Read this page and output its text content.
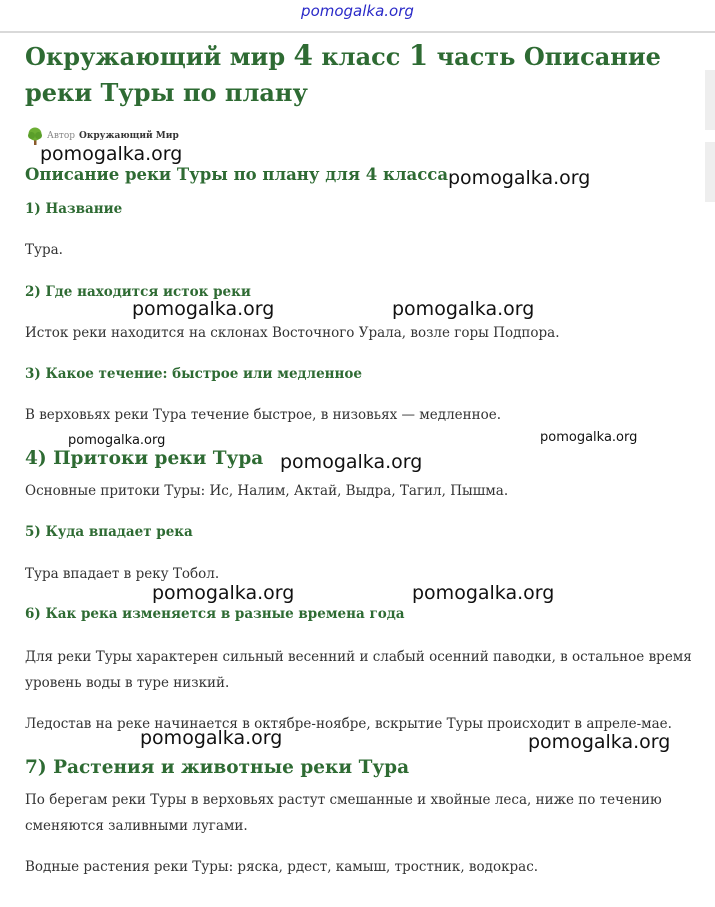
pomogalka.org
Окружающий мир 4 класс 1 часть Описание реки Туры по плану
Автор Окружающий Мир
Описание реки Туры по плану для 4 класса
1) Название

Тура.

2) Где находится исток реки

Исток реки находится на склонах Восточного Урала, возле горы Подпора.

3) Какое течение: быстрое или медленное

В верховьях реки Тура течение быстрое, в низовьях — медленное.

4) Притоки реки Тура

Основные притоки Туры: Ис, Налим, Актай, Выдра, Тагил, Пышма.

5) Куда впадает река

Тура впадает в реку Тобол.

6) Как река изменяется в разные времена года

Для реки Туры характерен сильный весенний и слабый осенний паводки, в остальное время уровень воды в туре низкий.

Ледостав на реке начинается в октябре-ноябре, вскрытие Туры происходит в апреле-мае.

7) Растения и животные реки Тура

По берегам реки Туры в верховьях растут смешанные и хвойные леса, ниже по течению сменяются заливными лугами.

Водные растения реки Туры: ряска, рдест, камыш, тростник, водокрас.

pomogalka.org
pomogalka.org
pomogalka.org	pomogalka.org
pomogalka.org	pomogalka.org
pomogalka.org
pomogalka.org	pomogalka.org
pomogalka.org	pomogalka.org
